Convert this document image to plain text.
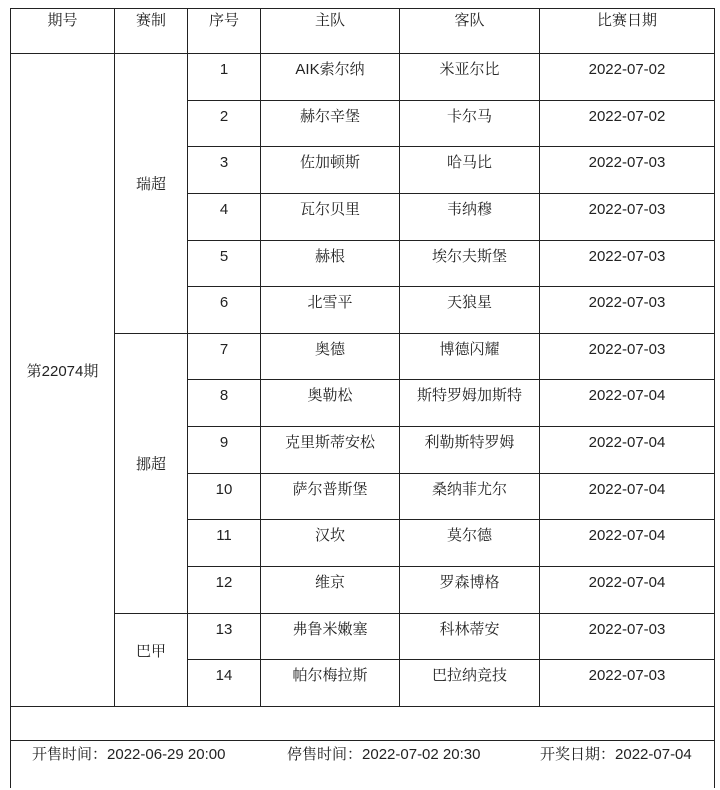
期号	赛制	序号	主队	客队	比赛日期
第22074期	瑞超	1	AIK索尔纳	米亚尔比	2022-07-02
		2	赫尔辛堡	卡尔马	2022-07-02
		3	佐加顿斯	哈马比	2022-07-03
		4	瓦尔贝里	韦纳穆	2022-07-03
		5	赫根	埃尔夫斯堡	2022-07-03
		6	北雪平	天狼星	2022-07-03
	挪超	7	奥德	博德闪耀	2022-07-03
		8	奥勒松	斯特罗姆加斯特	2022-07-04
		9	克里斯蒂安松	利勒斯特罗姆	2022-07-04
		10	萨尔普斯堡	桑纳菲尤尔	2022-07-04
		11	汉坎	莫尔德	2022-07-04
		12	维京	罗森博格	2022-07-04
	巴甲	13	弗鲁米嫩塞	科林蒂安	2022-07-03
		14	帕尔梅拉斯	巴拉纳竞技	2022-07-03

开售时间：2022-06-29 20:00 停售时间：2022-07-02 20:30 开奖日期：2022-07-04					
